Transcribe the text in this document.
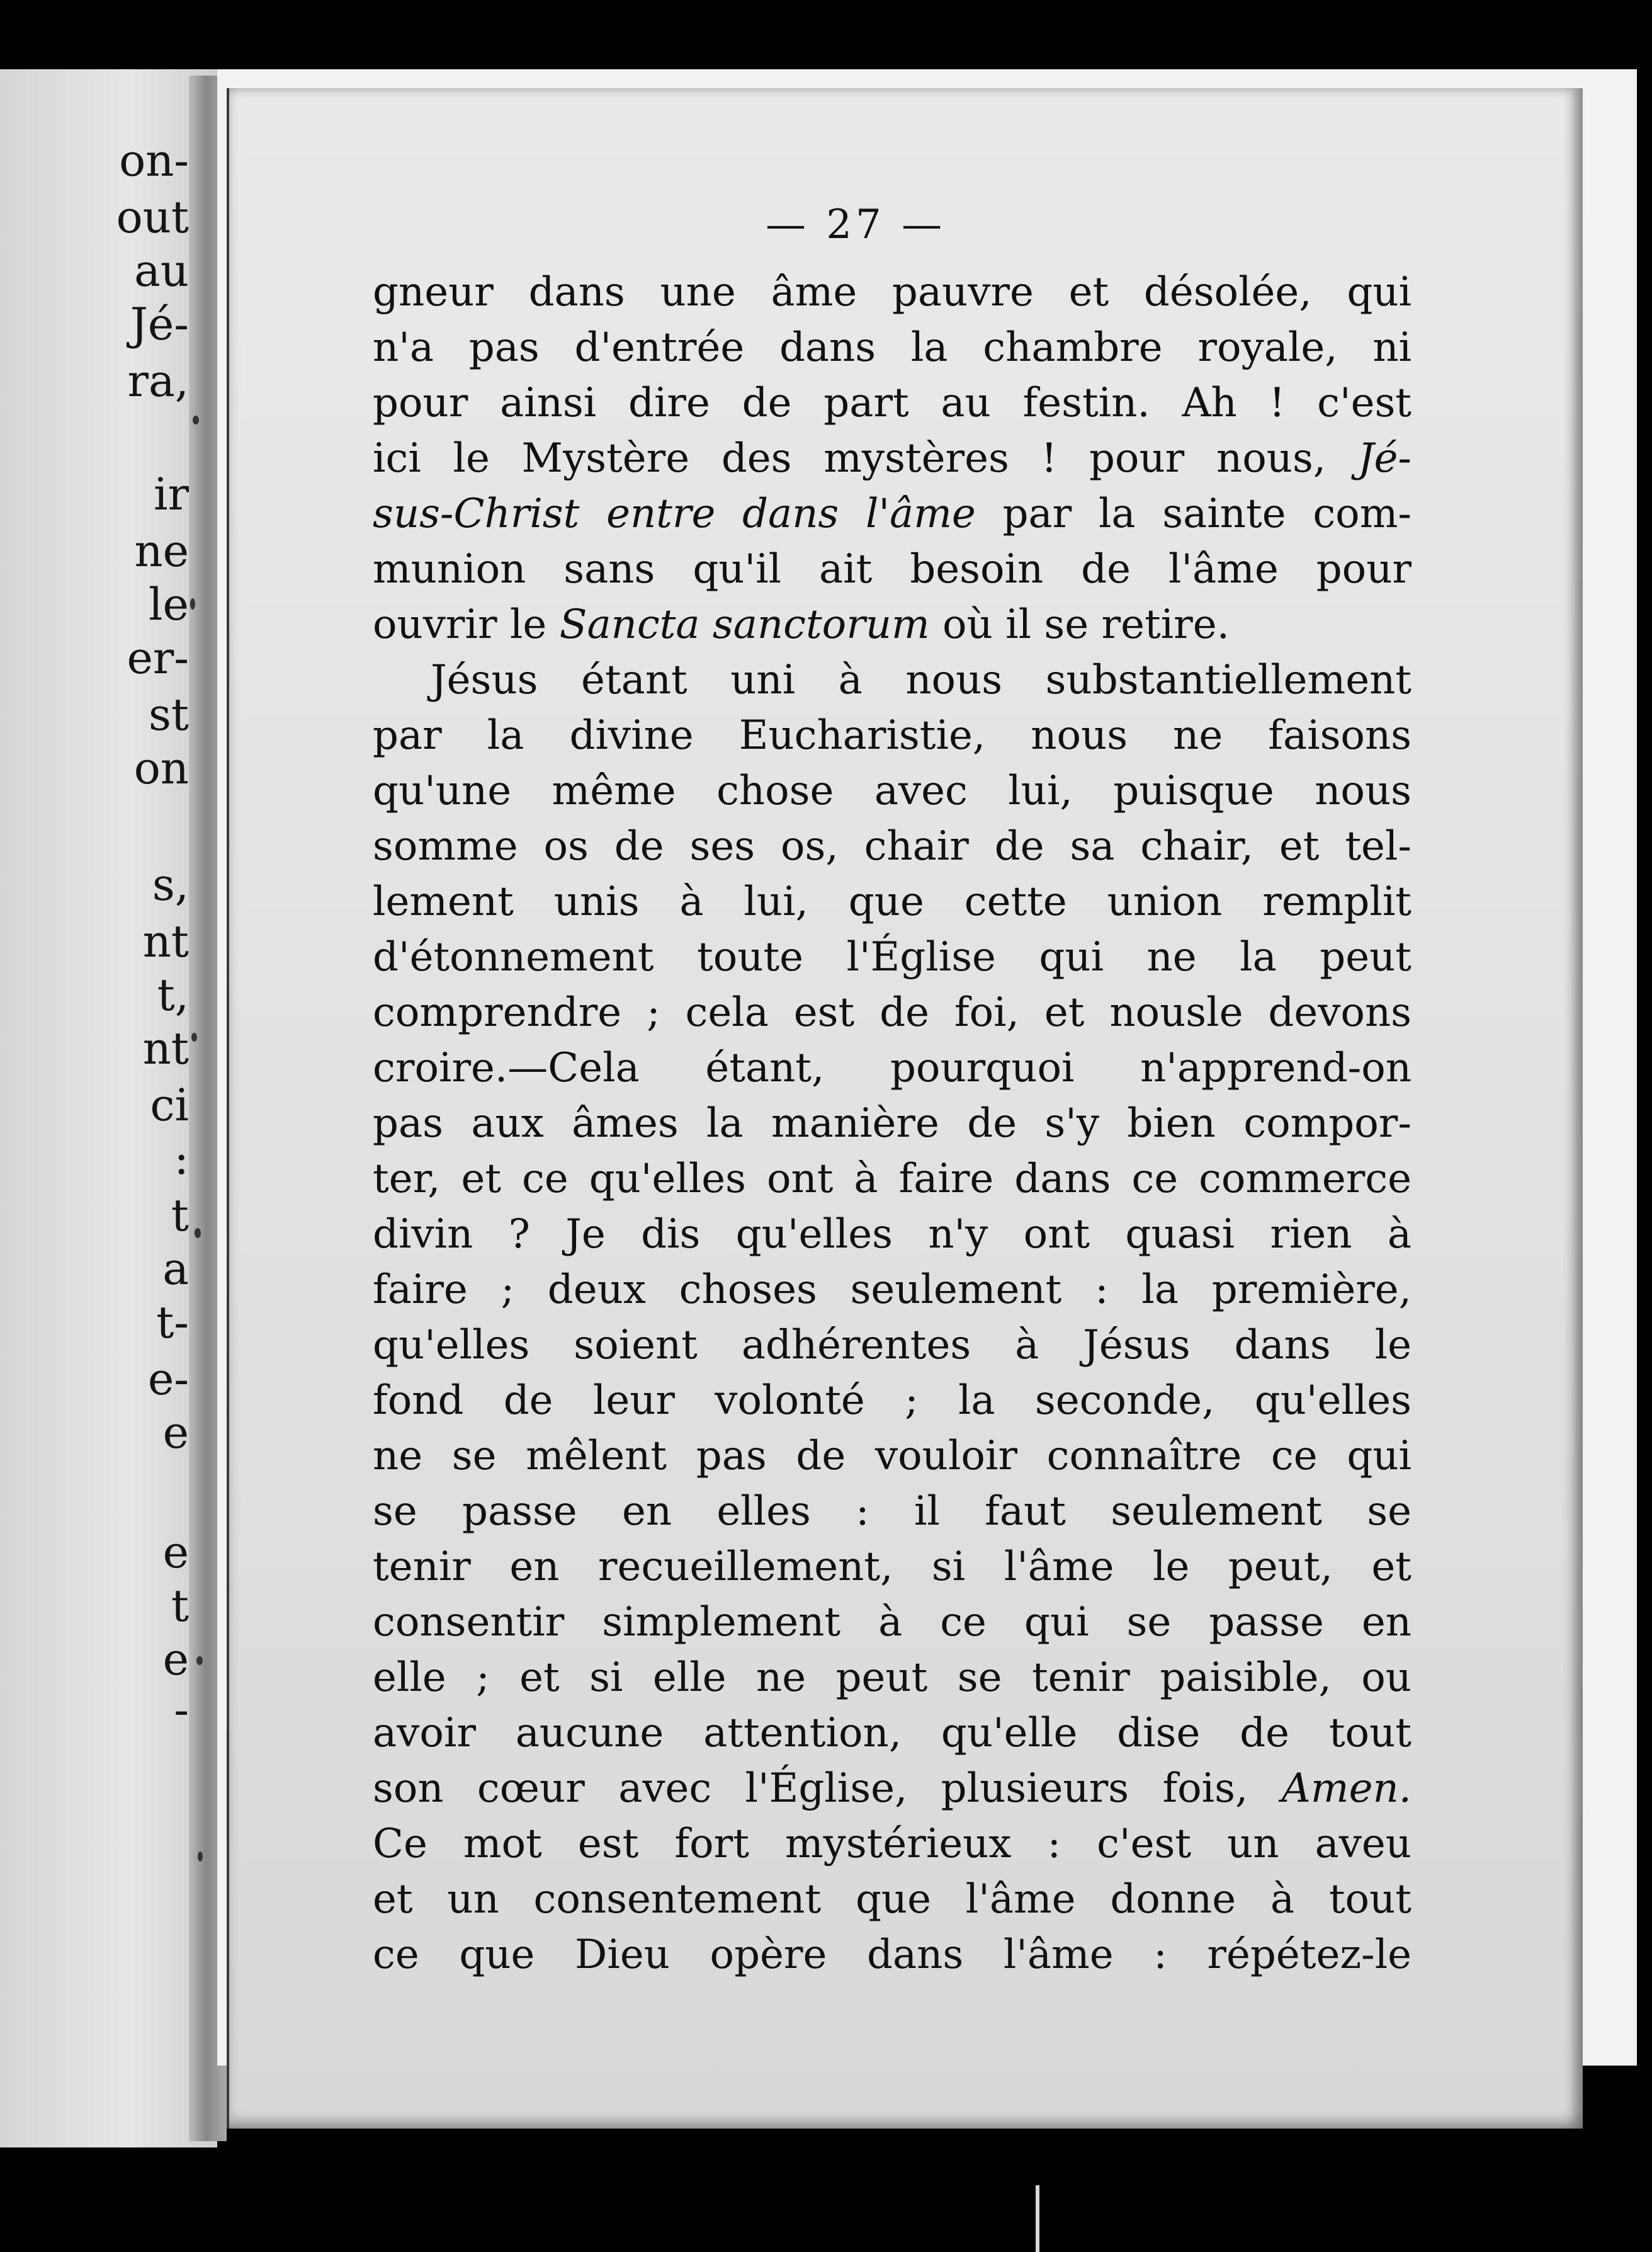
on-
out
au
Jé-
ra,
ir
ne
le
er-
st
on
s,
nt
t,
nt
ci
:
t
a
t-
e-
e
e
t
e
-
— 27 —
gneur dans une âme pauvre et désolée, qui
n'a pas d'entrée dans la chambre royale, ni
pour ainsi dire de part au festin. Ah ! c'est
ici le Mystère des mystères ! pour nous, Jé-
sus-Christ entre dans l'âme par la sainte com-
munion sans qu'il ait besoin de l'âme pour
ouvrir le Sancta sanctorum où il se retire.
Jésus étant uni à nous substantiellement
par la divine Eucharistie, nous ne faisons
qu'une même chose avec lui, puisque nous
somme os de ses os, chair de sa chair, et tel-
lement unis à lui, que cette union remplit
d'étonnement toute l'Église qui ne la peut
comprendre ; cela est de foi, et nousle devons
croire.—Cela étant, pourquoi n'apprend-on
pas aux âmes la manière de s'y bien compor-
ter, et ce qu'elles ont à faire dans ce commerce
divin ? Je dis qu'elles n'y ont quasi rien à
faire ; deux choses seulement : la première,
qu'elles soient adhérentes à Jésus dans le
fond de leur volonté ; la seconde, qu'elles
ne se mêlent pas de vouloir connaître ce qui
se passe en elles : il faut seulement se
tenir en recueillement, si l'âme le peut, et
consentir simplement à ce qui se passe en
elle ; et si elle ne peut se tenir paisible, ou
avoir aucune attention, qu'elle dise de tout
son cœur avec l'Église, plusieurs fois, Amen.
Ce mot est fort mystérieux : c'est un aveu
et un consentement que l'âme donne à tout
ce que Dieu opère dans l'âme : répétez-le
